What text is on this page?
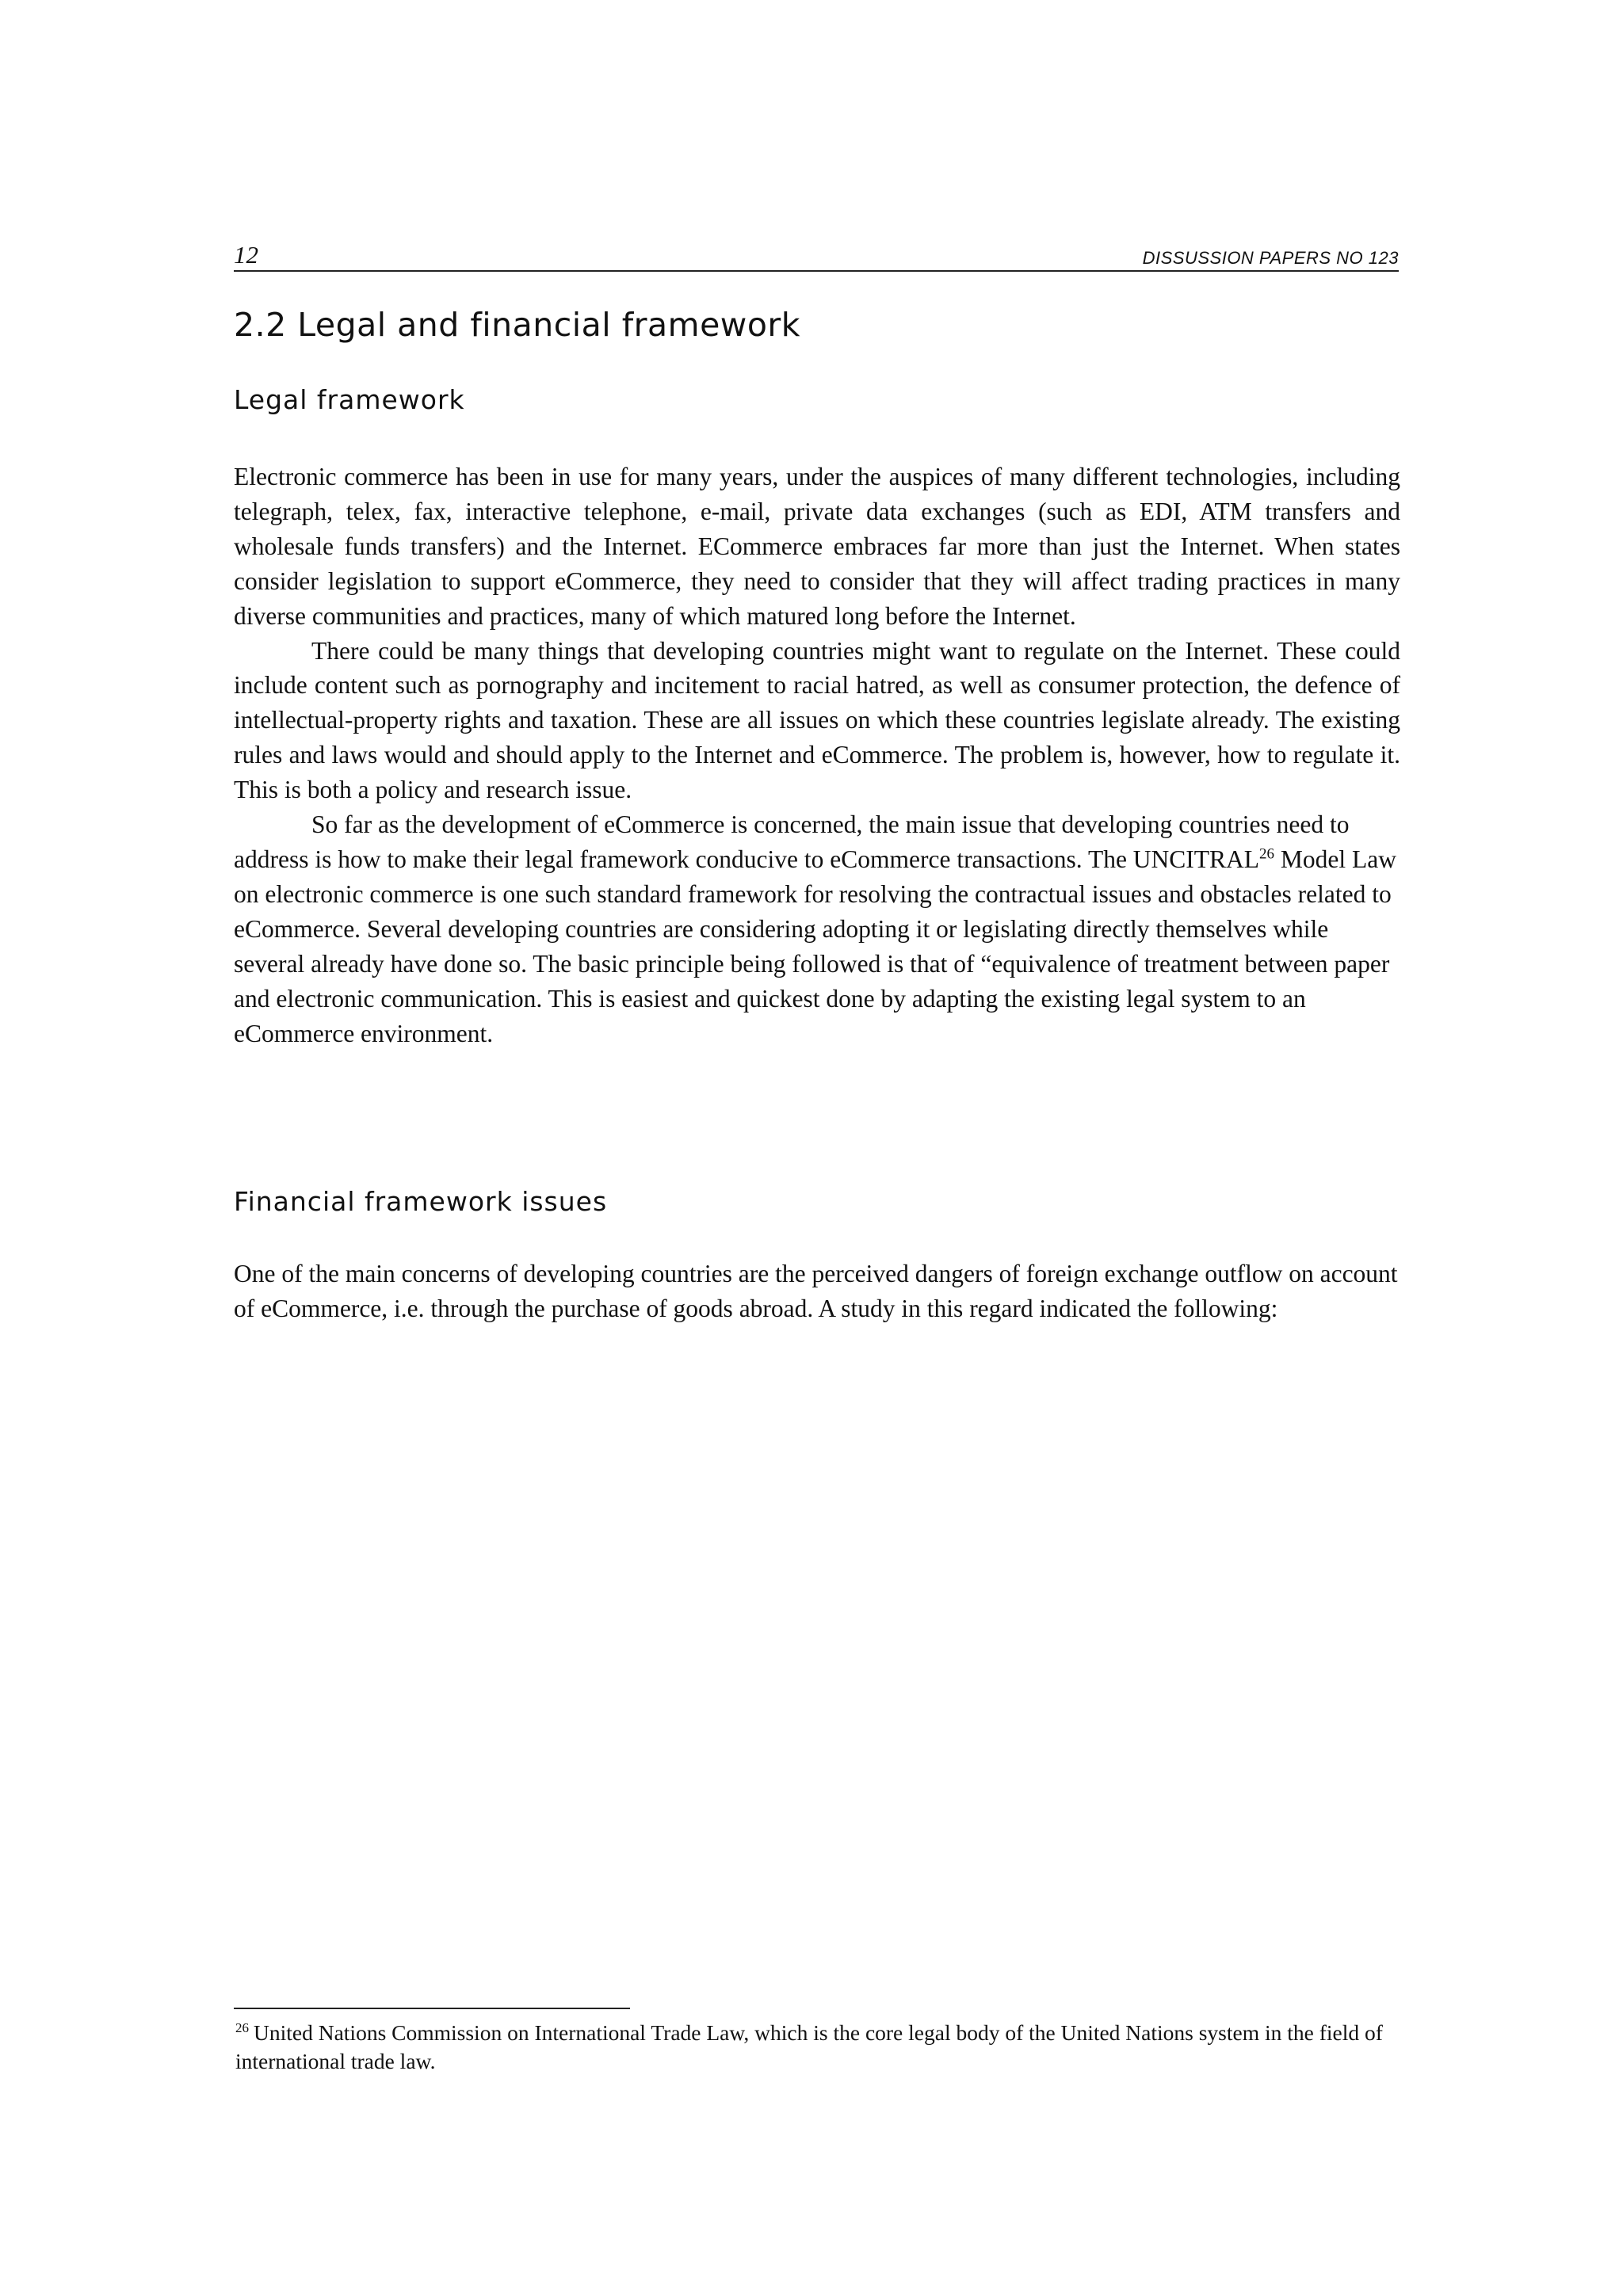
12	DISSUSSION PAPERS NO 123
2.2 Legal and financial framework
Legal framework

Electronic commerce has been in use for many years, under the auspices of many different technologies, including telegraph, telex, fax, interactive telephone, e-mail, private data exchanges (such as EDI, ATM transfers and wholesale funds transfers) and the Internet. ECommerce embraces far more than just the Internet. When states consider legislation to support eCommerce, they need to consider that they will affect trading practices in many diverse communities and practices, many of which matured long before the Internet.

There could be many things that developing countries might want to regulate on the Internet. These could include content such as pornography and incitement to racial hatred, as well as consumer protection, the defence of intellectual-property rights and taxation. These are all issues on which these countries legislate already. The existing rules and laws would and should apply to the Internet and eCommerce. The problem is, however, how to regulate it. This is both a policy and research issue.

So far as the development of eCommerce is concerned, the main issue that developing countries need to address is how to make their legal framework conducive to eCommerce transactions. The UNCITRAL$^{26}$ Model Law on electronic commerce is one such standard framework for resolving the contractual issues and obstacles related to eCommerce. Several developing countries are considering adopting it or legislating directly themselves while several already have done so. The basic principle being followed is that of “equivalence of treatment between paper and electronic communication. This is easiest and quickest done by adapting the existing legal system to an eCommerce environment.

Financial framework issues

One of the main concerns of developing countries are the perceived dangers of foreign exchange outflow on account of eCommerce, i.e. through the purchase of goods abroad. A study in this regard indicated the following:

$^{26}$ United Nations Commission on International Trade Law, which is the core legal body of the United Nations system in the field of international trade law.
